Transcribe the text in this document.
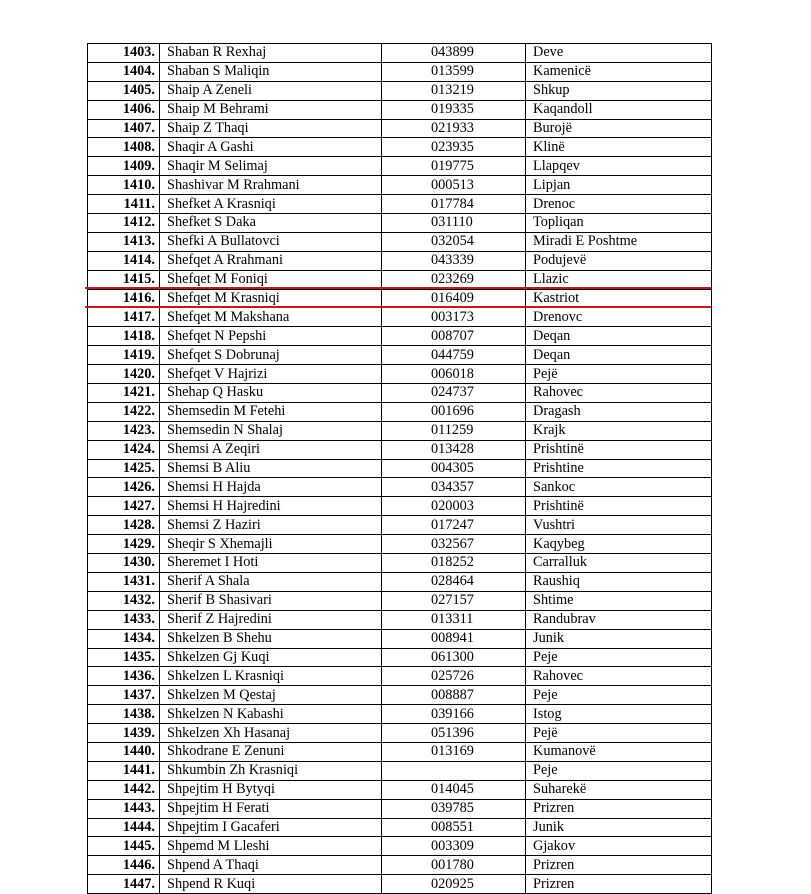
1403.	Shaban R Rexhaj	043899	Deve
1404.	Shaban S Maliqin	013599	Kamenicë
1405.	Shaip A Zeneli	013219	Shkup
1406.	Shaip M Behrami	019335	Kaqandoll
1407.	Shaip Z Thaqi	021933	Burojë
1408.	Shaqir A Gashi	023935	Klinë
1409.	Shaqir M Selimaj	019775	Llapqev
1410.	Shashivar M Rrahmani	000513	Lipjan
1411.	Shefket A Krasniqi	017784	Drenoc
1412.	Shefket S Daka	031110	Topliqan
1413.	Shefki A Bullatovci	032054	Miradi E Poshtme
1414.	Shefqet A Rrahmani	043339	Podujevë
1415.	Shefqet M Foniqi	023269	Llazic
1416.	Shefqet M Krasniqi	016409	Kastriot
1417.	Shefqet M Makshana	003173	Drenovc
1418.	Shefqet N Pepshi	008707	Deqan
1419.	Shefqet S Dobrunaj	044759	Deqan
1420.	Shefqet V Hajrizi	006018	Pejë
1421.	Shehap Q Hasku	024737	Rahovec
1422.	Shemsedin M Fetehi	001696	Dragash
1423.	Shemsedin N Shalaj	011259	Krajk
1424.	Shemsi A Zeqiri	013428	Prishtinë
1425.	Shemsi B Aliu	004305	Prishtine
1426.	Shemsi H Hajda	034357	Sankoc
1427.	Shemsi H Hajredini	020003	Prishtinë
1428.	Shemsi Z Haziri	017247	Vushtri
1429.	Sheqir S Xhemajli	032567	Kaqybeg
1430.	Sheremet I Hoti	018252	Carralluk
1431.	Sherif A Shala	028464	Raushiq
1432.	Sherif B Shasivari	027157	Shtime
1433.	Sherif Z Hajredini	013311	Randubrav
1434.	Shkelzen B Shehu	008941	Junik
1435.	Shkelzen Gj Kuqi	061300	Peje
1436.	Shkelzen L Krasniqi	025726	Rahovec
1437.	Shkelzen M Qestaj	008887	Peje
1438.	Shkelzen N Kabashi	039166	Istog
1439.	Shkelzen Xh Hasanaj	051396	Pejë
1440.	Shkodrane E Zenuni	013169	Kumanovë
1441.	Shkumbin Zh Krasniqi		Peje
1442.	Shpejtim H Bytyqi	014045	Suharekë
1443.	Shpejtim H Ferati	039785	Prizren
1444.	Shpejtim I Gacaferi	008551	Junik
1445.	Shpemd M Lleshi	003309	Gjakov
1446.	Shpend A Thaqi	001780	Prizren
1447.	Shpend R Kuqi	020925	Prizren
